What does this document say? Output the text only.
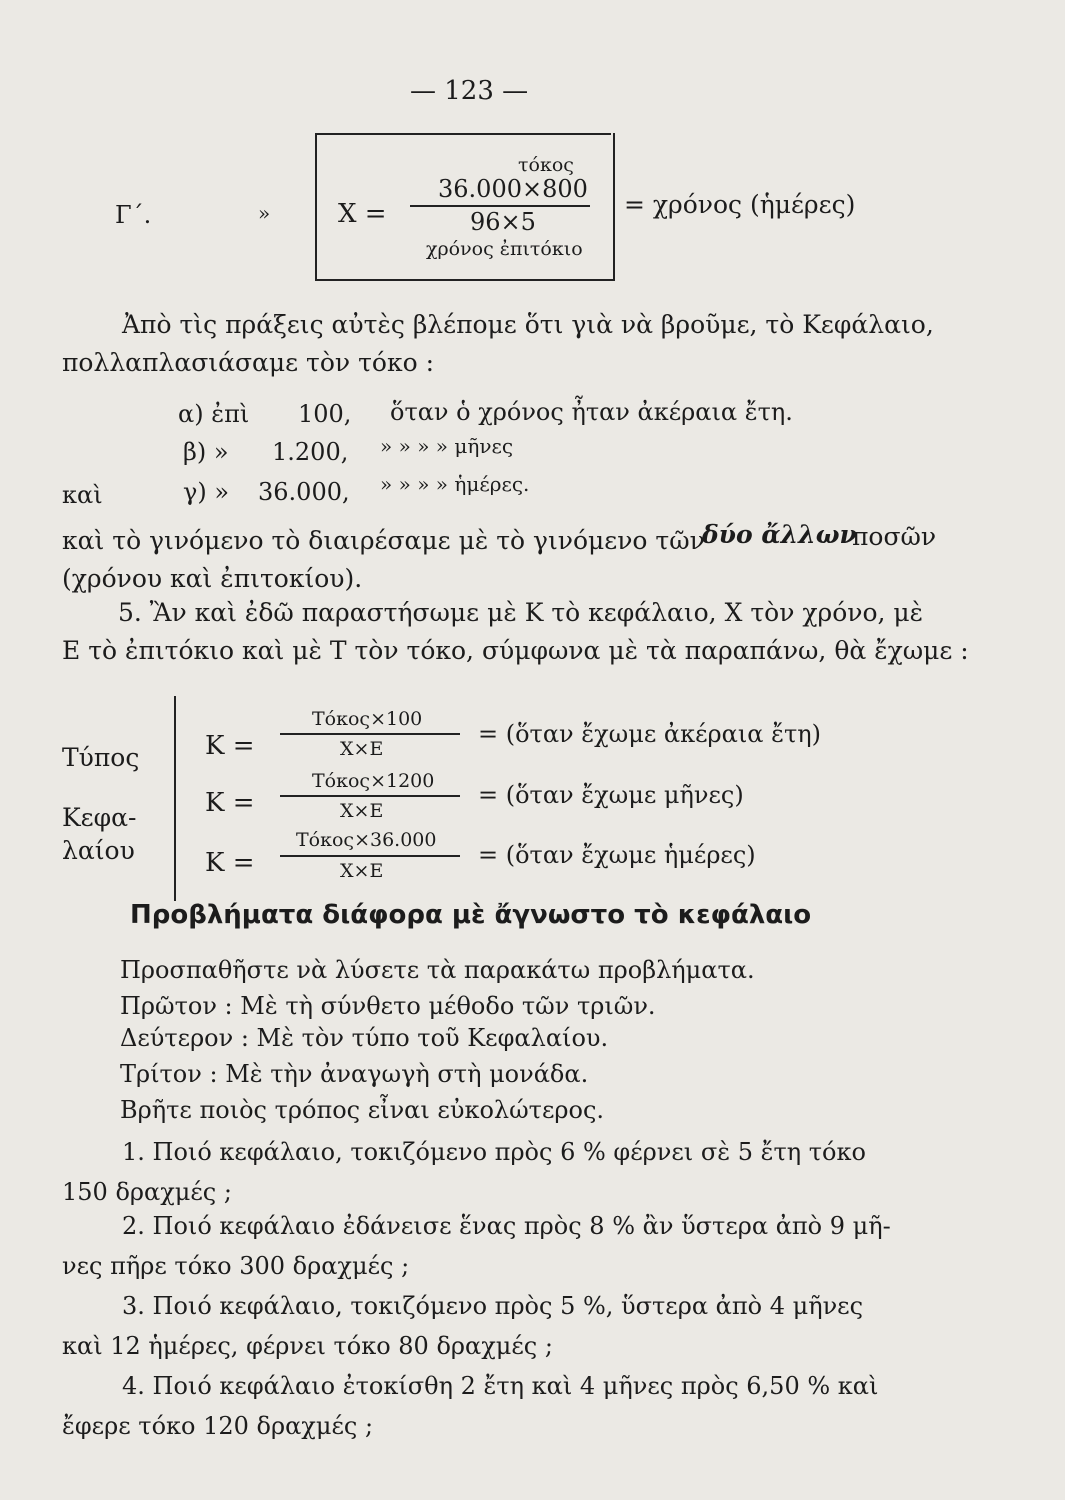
— 123 —
Γ΄.	»	X =
τόκος
36.000×800
96×5
χρόνος ἐπιτόκιο
= χρόνος (ἡμέρες)
Ἀπὸ τὶς πράξεις αὐτὲς βλέπομε ὅτι γιὰ νὰ βροῦμε, τὸ Κεφάλαιο,
πολλαπλασιάσαμε τὸν τόκο :
α) ἐπὶ 100, ὅταν ὁ χρόνος ἦταν ἀκέραια ἔτη.
β) » 1.200, » » » » μῆνες
καὶ	γ) » 36.000, » » » » ἡμέρες.
καὶ τὸ γινόμενο τὸ διαιρέσαμε μὲ τὸ γινόμενο τῶν
δύο ἄλλων
ποσῶν
(χρόνου καὶ ἐπιτοκίου).
5. Ἂν καὶ ἐδῶ παραστήσωμε μὲ Κ τὸ κεφάλαιο, Χ τὸν χρόνο, μὲ
Ε τὸ ἐπιτόκιο καὶ μὲ Τ τὸν τόκο, σύμφωνα μὲ τὰ παραπάνω, θὰ ἔχωμε :
Τύπος
Κεφα-
λαίου
K =
Τόκος×100
Χ×Ε
= (ὅταν ἔχωμε ἀκέραια ἔτη)
K =
Τόκος×1200
Χ×Ε
= (ὅταν ἔχωμε μῆνες)
K =
Τόκος×36.000
Χ×Ε
= (ὅταν ἔχωμε ἡμέρες)
Προβλήματα διάφορα μὲ ἄγνωστο τὸ κεφάλαιο
Προσπαθῆστε νὰ λύσετε τὰ παρακάτω προβλήματα.
Πρῶτον : Μὲ τὴ σύνθετο μέθοδο τῶν τριῶν.
Δεύτερον : Μὲ τὸν τύπο τοῦ Κεφαλαίου.
Τρίτον : Μὲ τὴν ἀναγωγὴ στὴ μονάδα.
Βρῆτε ποιὸς τρόπος εἶναι εὐκολώτερος.
1. Ποιό κεφάλαιο, τοκιζόμενο πρὸς 6 % φέρνει σὲ 5 ἔτη τόκο
150 δραχμές ;
2. Ποιό κεφάλαιο ἐδάνεισε ἕνας πρὸς 8 % ἂν ὕστερα ἀπὸ 9 μῆ-
νες πῆρε τόκο 300 δραχμές ;
3. Ποιό κεφάλαιο, τοκιζόμενο πρὸς 5 %, ὕστερα ἀπὸ 4 μῆνες
καὶ 12 ἡμέρες, φέρνει τόκο 80 δραχμές ;
4. Ποιό κεφάλαιο ἐτοκίσθη 2 ἔτη καὶ 4 μῆνες πρὸς 6,50 % καὶ
ἔφερε τόκο 120 δραχμές ;
